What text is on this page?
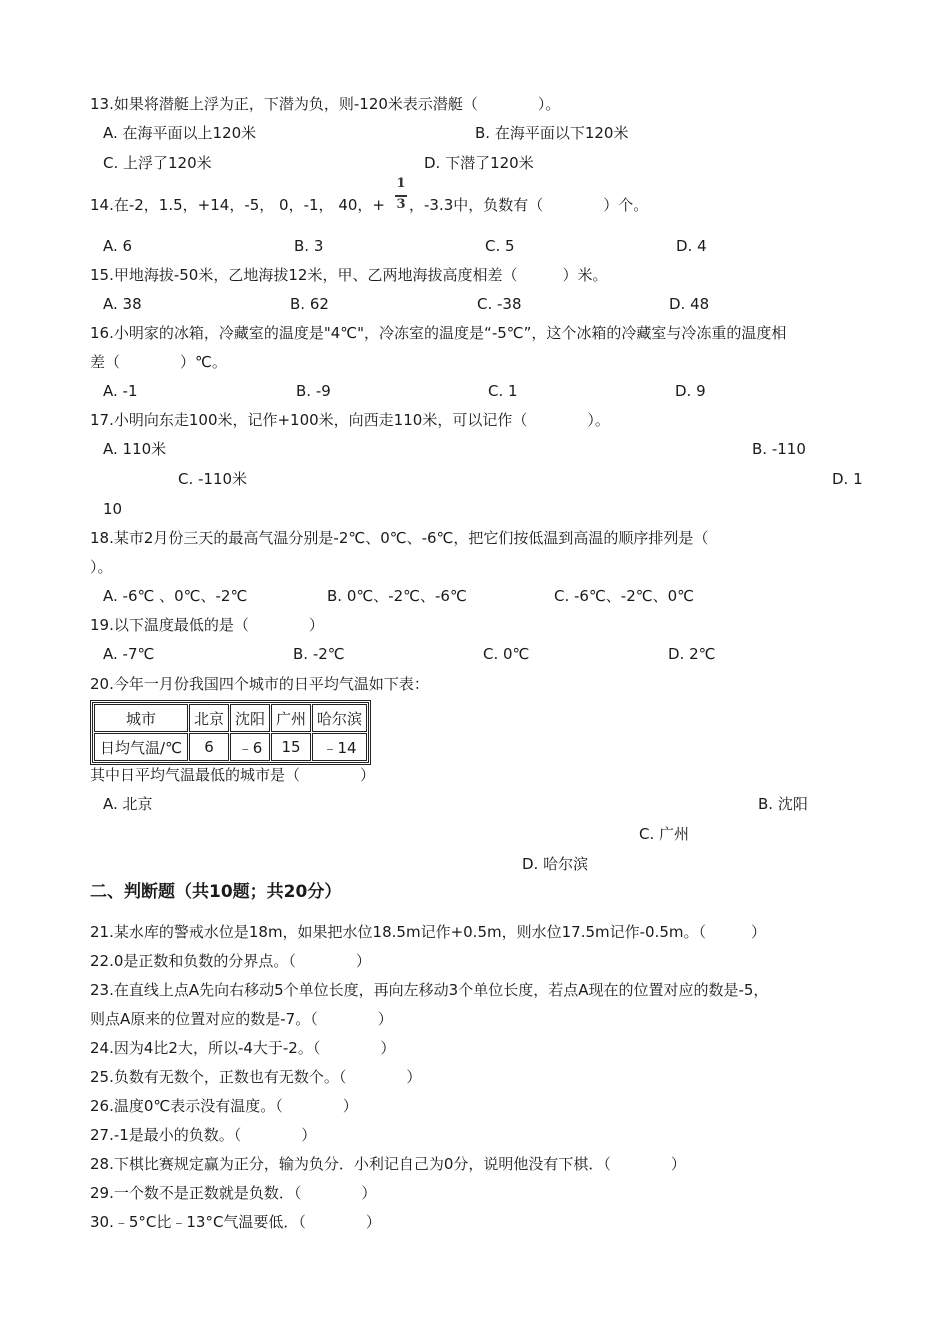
13.如果将潜艇上浮为正，下潜为负，则-120米表示潜艇（　　　　）。
A. 在海平面以上120米	B. 在海平面以下120米
C. 上浮了120米	D. 下潜了120米
14.在-2，1.5，+14，-5， 0，-1， 40，+
1
3 ，-3.3中，负数有（　　　　）个。
A. 6	B. 3	C. 5	D. 4
15.甲地海拔-50米，乙地海拔12米，甲、乙两地海拔高度相差（　　　）米。
A. 38	B. 62	C. -38	D. 48
16.小明家的冰箱，冷藏室的温度是"4℃"，冷冻室的温度是“-5℃”，这个冰箱的冷藏室与冷冻重的温度相
差（　　　　）℃。
A. -1	B. -9	C. 1	D. 9
17.小明向东走100米，记作+100米，向西走110米，可以记作（　　　　）。
A. 110米	B. -110
C. -110米	D. 1
10
18.某市2月份三天的最高气温分别是-2℃、0℃、-6℃，把它们按低温到高温的顺序排列是（
）。
A. -6℃ 、0℃、-2℃	B. 0℃、-2℃、-6℃	C. -6℃、-2℃、0℃
19.以下温度最低的是（　　　　）
A. -7℃	B. -2℃	C. 0℃	D. 2℃
20.今年一月份我国四个城市的日平均气温如下表：
城市	北京	沈阳	广州	哈尔滨
日均气温/℃	6	﹣6	15	﹣14
其中日平均气温最低的城市是（　　　　）
A. 北京	B. 沈阳
C. 广州
D. 哈尔滨
二、判断题（共10题；共20分）
21.某水库的警戒水位是18m，如果把水位18.5m记作+0.5m，则水位17.5m记作-0.5m。（　　　）
22.0是正数和负数的分界点。（　　　　）
23.在直线上点A先向右移动5个单位长度，再向左移动3个单位长度，若点A现在的位置对应的数是-5，
则点A原来的位置对应的数是-7。（　　　　）
24.因为4比2大，所以-4大于-2。（　　　　）
25.负数有无数个，正数也有无数个。（　　　　）
26.温度0℃表示没有温度。（　　　　）
27.-1是最小的负数。（　　　　）
28.下棋比赛规定赢为正分，输为负分．小利记自己为0分，说明他没有下棋．（　　　　）
29.一个数不是正数就是负数．（　　　　）
30.﹣5°C比﹣13°C气温要低．（　　　　）
